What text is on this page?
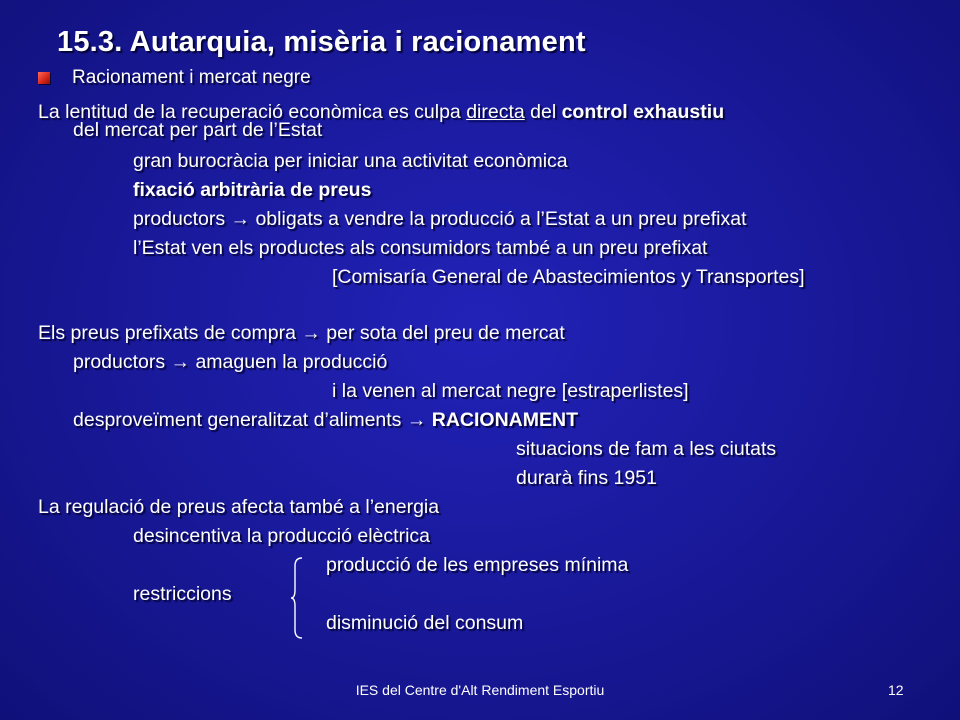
15.3. Autarquia, misèria i racionament
Racionament i mercat negre
La lentitud de la recuperació econòmica es culpa directa del control exhaustiu
del mercat per part de l’Estat
gran burocràcia per iniciar una activitat econòmica
fixació arbitrària de preus
productors → obligats a vendre la producció a l’Estat a un preu prefixat
l’Estat ven els productes als consumidors també a un preu prefixat
[Comisaría General de Abastecimientos y Transportes]
Els preus prefixats de compra → per sota del preu de mercat
productors → amaguen la producció
i la venen al mercat negre [estraperlistes]
desproveïment generalitzat d’aliments → RACIONAMENT
situacions de fam a les ciutats
durarà fins 1951
La regulació de preus afecta també a l’energia
desincentiva la producció elèctrica
producció de les empreses mínima
restriccions
disminució del consum
IES del Centre d'Alt Rendiment Esportiu	12
